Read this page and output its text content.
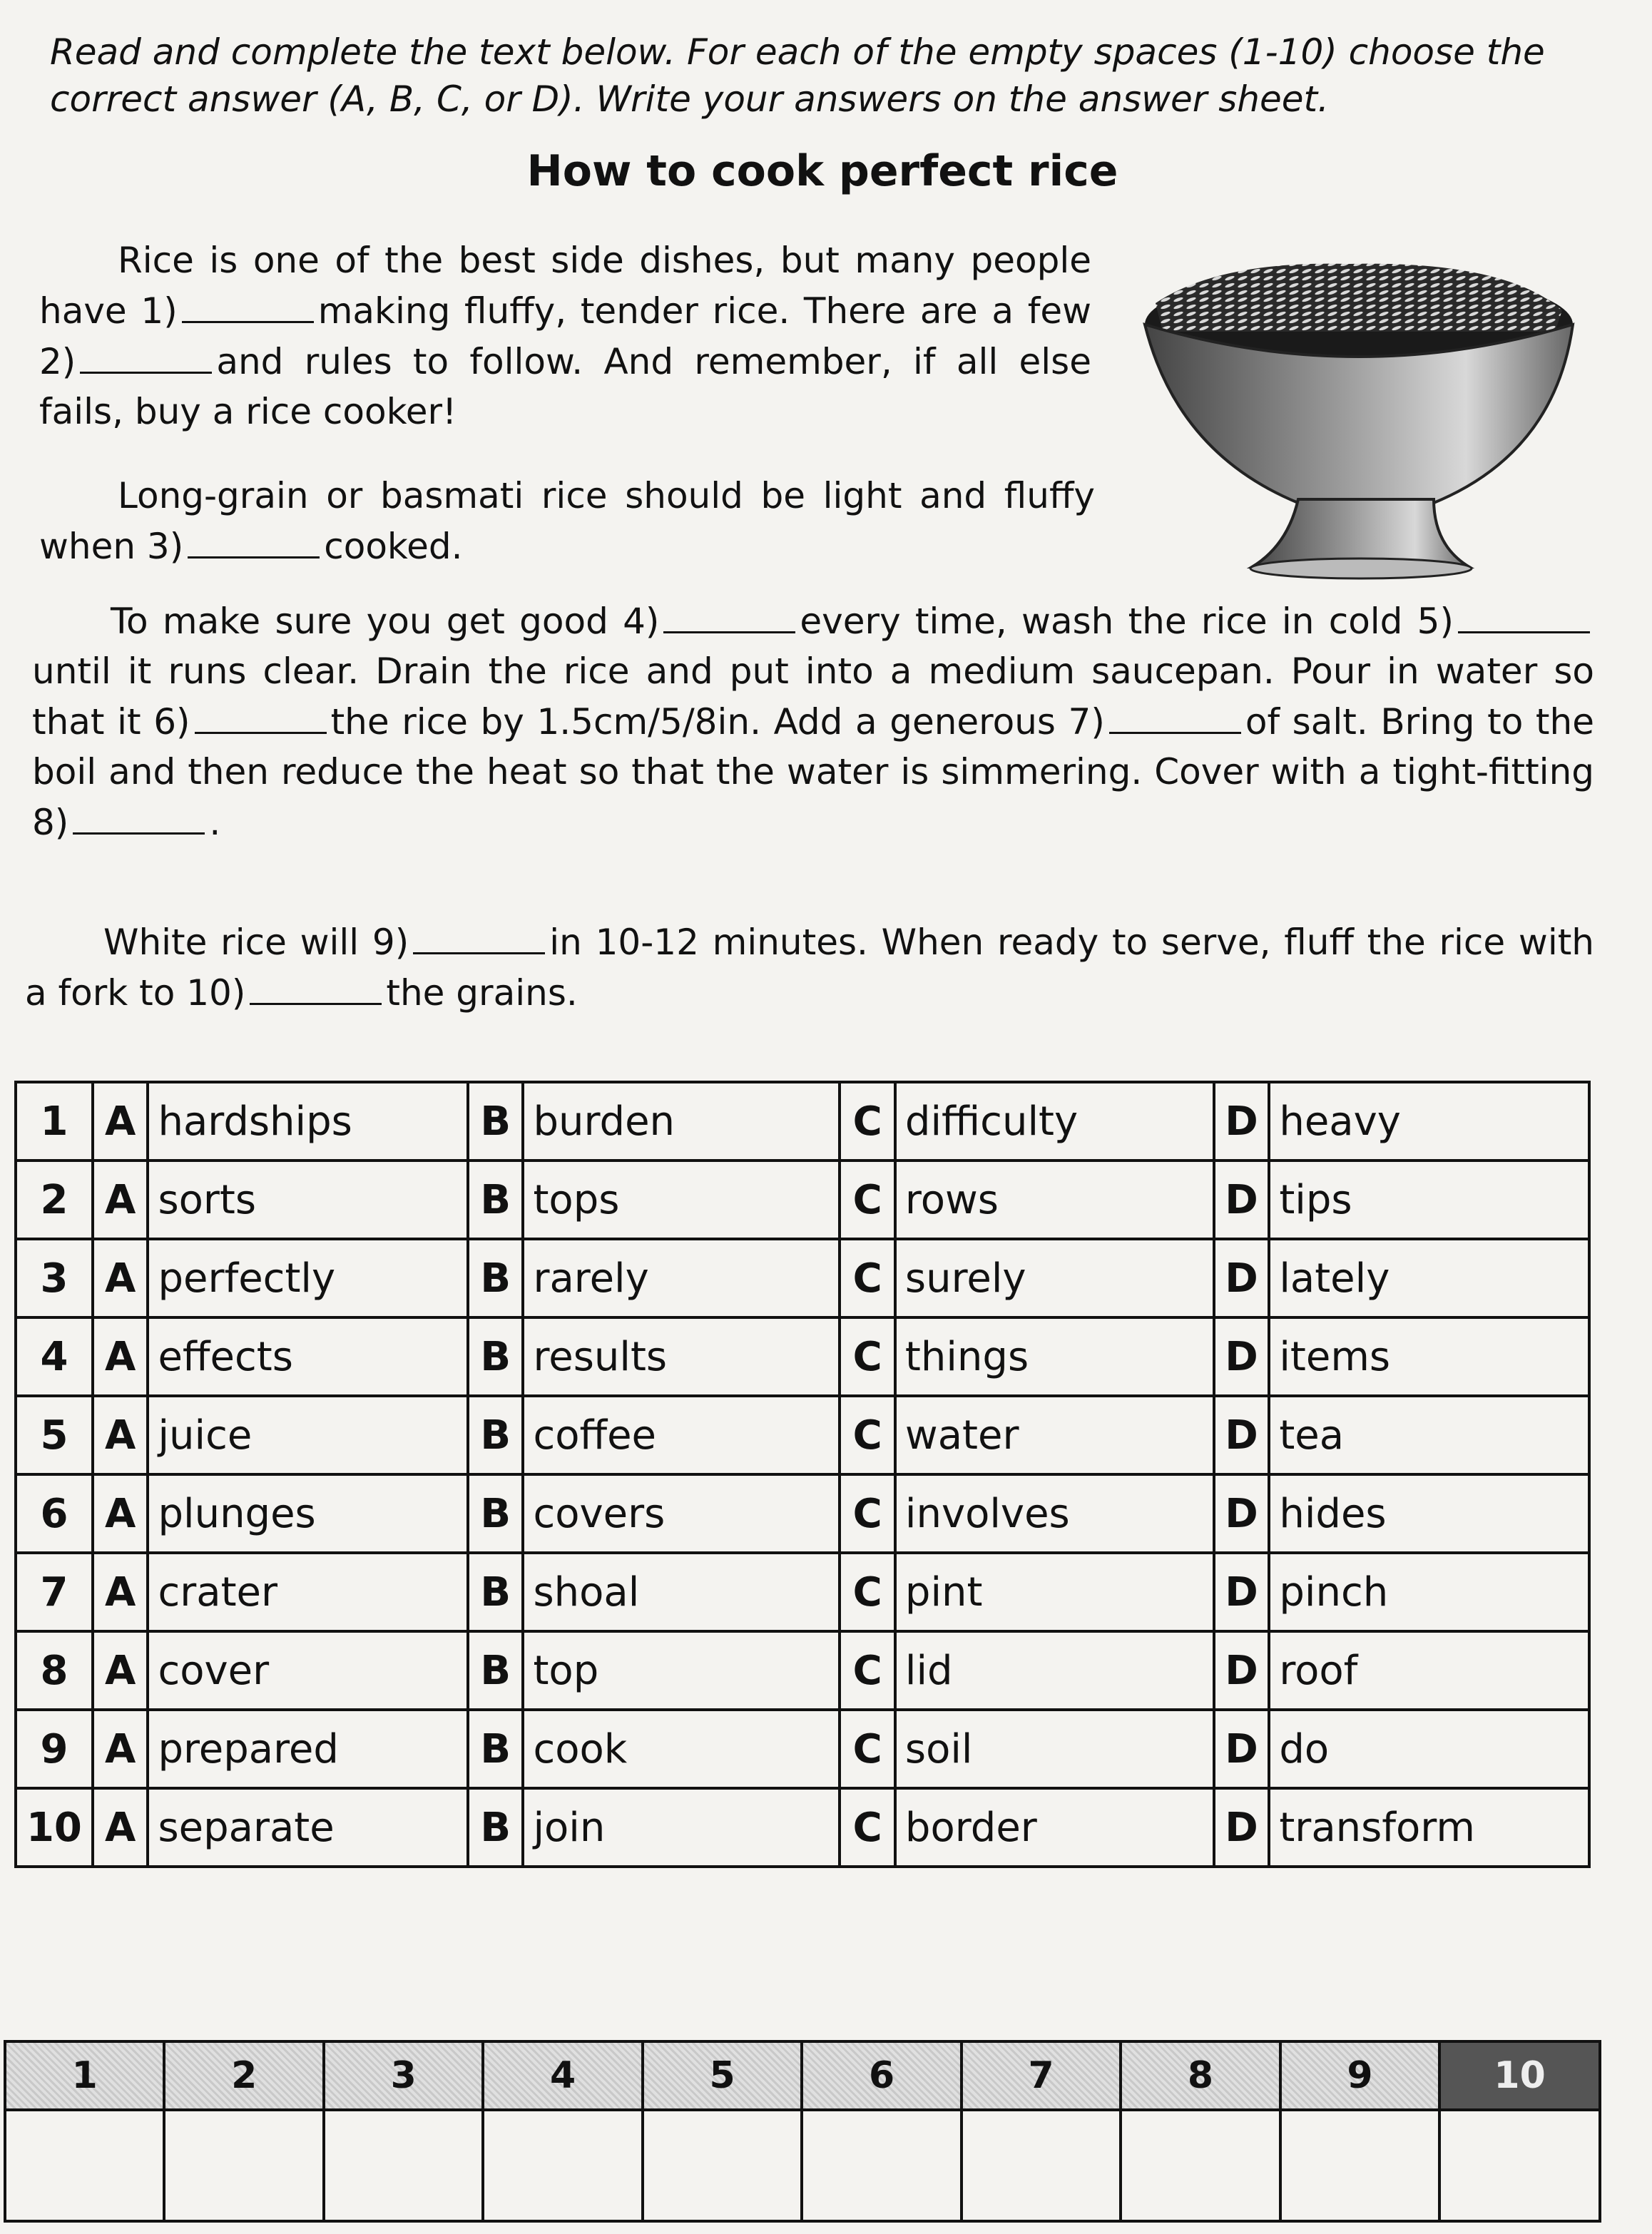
Read and complete the text below. For each of the empty spaces (1-10) choose the correct answer (A, B, C, or D). Write your answers on the answer sheet.
How to cook perfect rice
Rice is one of the best side dishes, but many people have 1)	making fluffy, tender rice. There are a few 2)	and rules to follow. And remember, if all else fails, buy a rice cooker!
Long-grain or basmati rice should be light and fluffy when 3)	cooked.
To make sure you get good 4)	every time, wash the rice in cold 5)until it runs clear. Drain the rice and put into a medium saucepan. Pour in water so that it 6)	the rice by 1.5cm/5/8in. Add a generous 7)	of salt. Bring to the boil and then reduce the heat so that the water is simmering. Cover with a tight-fitting 8)	.
White rice will 9)	in 10-12 minutes. When ready to serve, fluff the rice with a fork to 10)	the grains.
1	A	hardships	B	burden	C	difficulty	D	heavy
2	A	sorts	B	tops	C	rows	D	tips
3	A	perfectly	B	rarely	C	surely	D	lately
4	A	effects	B	results	C	things	D	items
5	A	juice	B	coffee	C	water	D	tea
6	A	plunges	B	covers	C	involves	D	hides
7	A	crater	B	shoal	C	pint	D	pinch
8	A	cover	B	top	C	lid	D	roof
9	A	prepared	B	cook	C	soil	D	do
10	A	separate	B	join	C	border	D	transform
1	2	3	4	5	6	7	8	9	10
